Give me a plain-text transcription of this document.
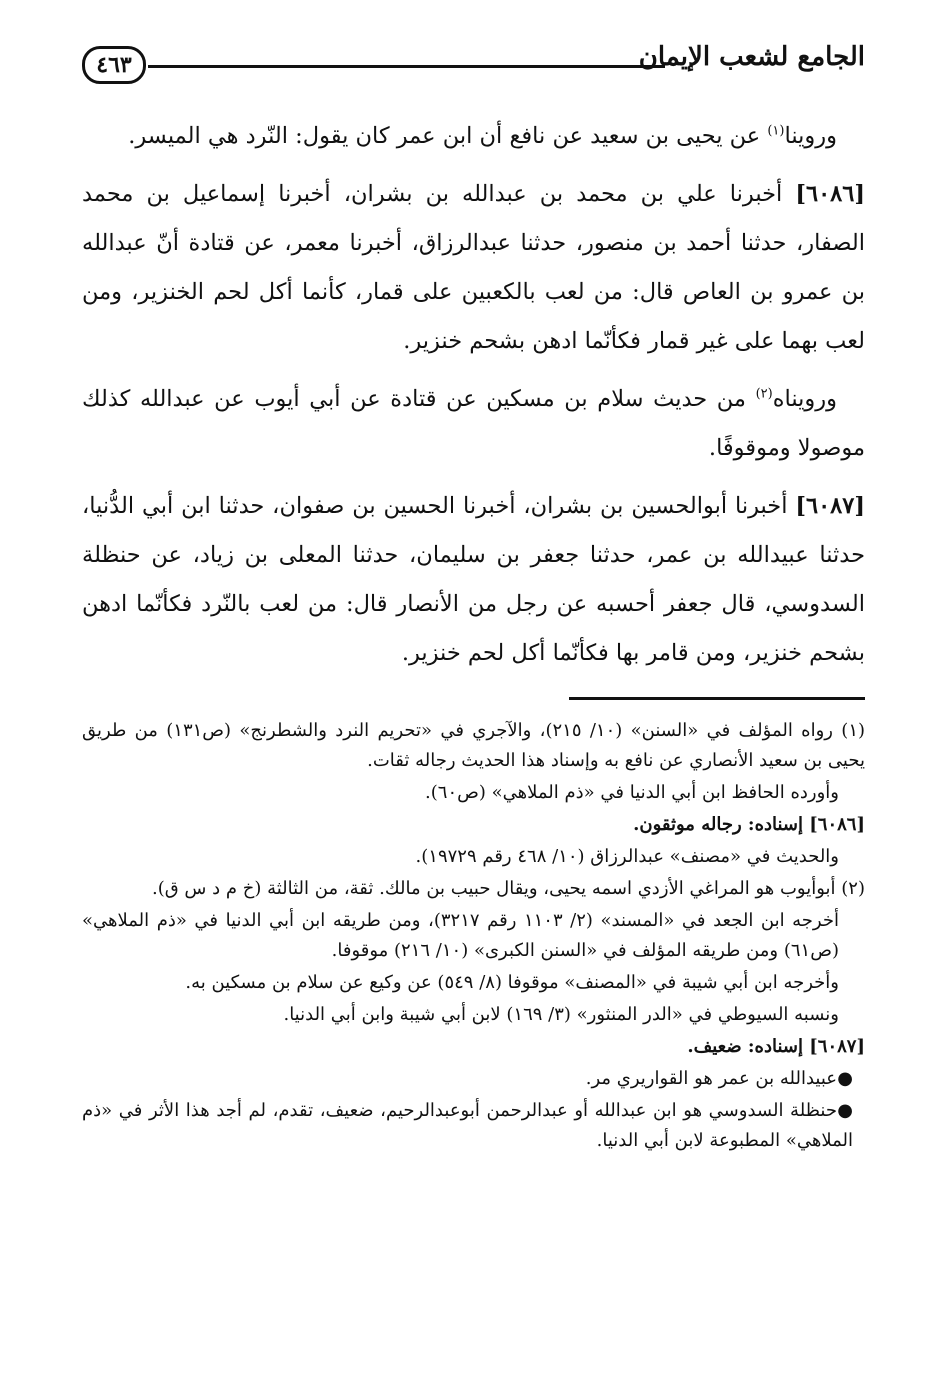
الجامع لشعب الإيمان
٤٦٣

وروينا$^{(١)}$ عن يحيى بن سعيد عن نافع أن ابن عمر كان يقول: النّرد هي الميسر.

[٦٠٨٦] أخبرنا علي بن محمد بن عبدالله بن بشران، أخبرنا إسماعيل بن محمد الصفار، حدثنا أحمد بن منصور، حدثنا عبدالرزاق، أخبرنا معمر، عن قتادة أنّ عبدالله بن عمرو بن العاص قال: من لعب بالكعبين على قمار، كأنما أكل لحم الخنزير، ومن لعب بهما على غير قمار فكأنّما ادهن بشحم خنزير.

ورويناه$^{(٢)}$ من حديث سلام بن مسكين عن قتادة عن أبي أيوب عن عبدالله كذلك موصولا وموقوفًا.

[٦٠٨٧] أخبرنا أبوالحسين بن بشران، أخبرنا الحسين بن صفوان، حدثنا ابن أبي الدُّنيا، حدثنا عبيدالله بن عمر، حدثنا جعفر بن سليمان، حدثنا المعلى بن زياد، عن حنظلة السدوسي، قال جعفر أحسبه عن رجل من الأنصار قال: من لعب بالنّرد فكأنّما ادهن بشحم خنزير، ومن قامر بها فكأنّما أكل لحم خنزير.

(١) رواه المؤلف في «السنن» (١٠/ ٢١٥)، والآجري في «تحريم النرد والشطرنج» (ص١٣١) من طريق يحيى بن سعيد الأنصاري عن نافع به وإسناد هذا الحديث رجاله ثقات.

وأورده الحافظ ابن أبي الدنيا في «ذم الملاهي» (ص٦٠).

[٦٠٨٦] إسناده: رجاله موثقون.

والحديث في «مصنف» عبدالرزاق (١٠/ ٤٦٨ رقم ١٩٧٢٩).

(٢) أبوأيوب هو المراغي الأزدي اسمه يحيى، ويقال حبيب بن مالك. ثقة، من الثالثة (خ م د س ق).

أخرجه ابن الجعد في «المسند» (٢/ ١١٠٣ رقم ٣٢١٧)، ومن طريقه ابن أبي الدنيا في «ذم الملاهي» (ص٦١) ومن طريقه المؤلف في «السنن الكبرى» (١٠/ ٢١٦) موقوفا.

وأخرجه ابن أبي شيبة في «المصنف» موقوفا (٨/ ٥٤٩) عن وكيع عن سلام بن مسكين به.

ونسبه السيوطي في «الدر المنثور» (٣/ ١٦٩) لابن أبي شيبة وابن أبي الدنيا.

[٦٠٨٧] إسناده: ضعيف.

●عبيدالله بن عمر هو القواريري مر.

●حنظلة السدوسي هو ابن عبدالله أو عبدالرحمن أبوعبدالرحيم، ضعيف، تقدم، لم أجد هذا الأثر في «ذم الملاهي» المطبوعة لابن أبي الدنيا.
